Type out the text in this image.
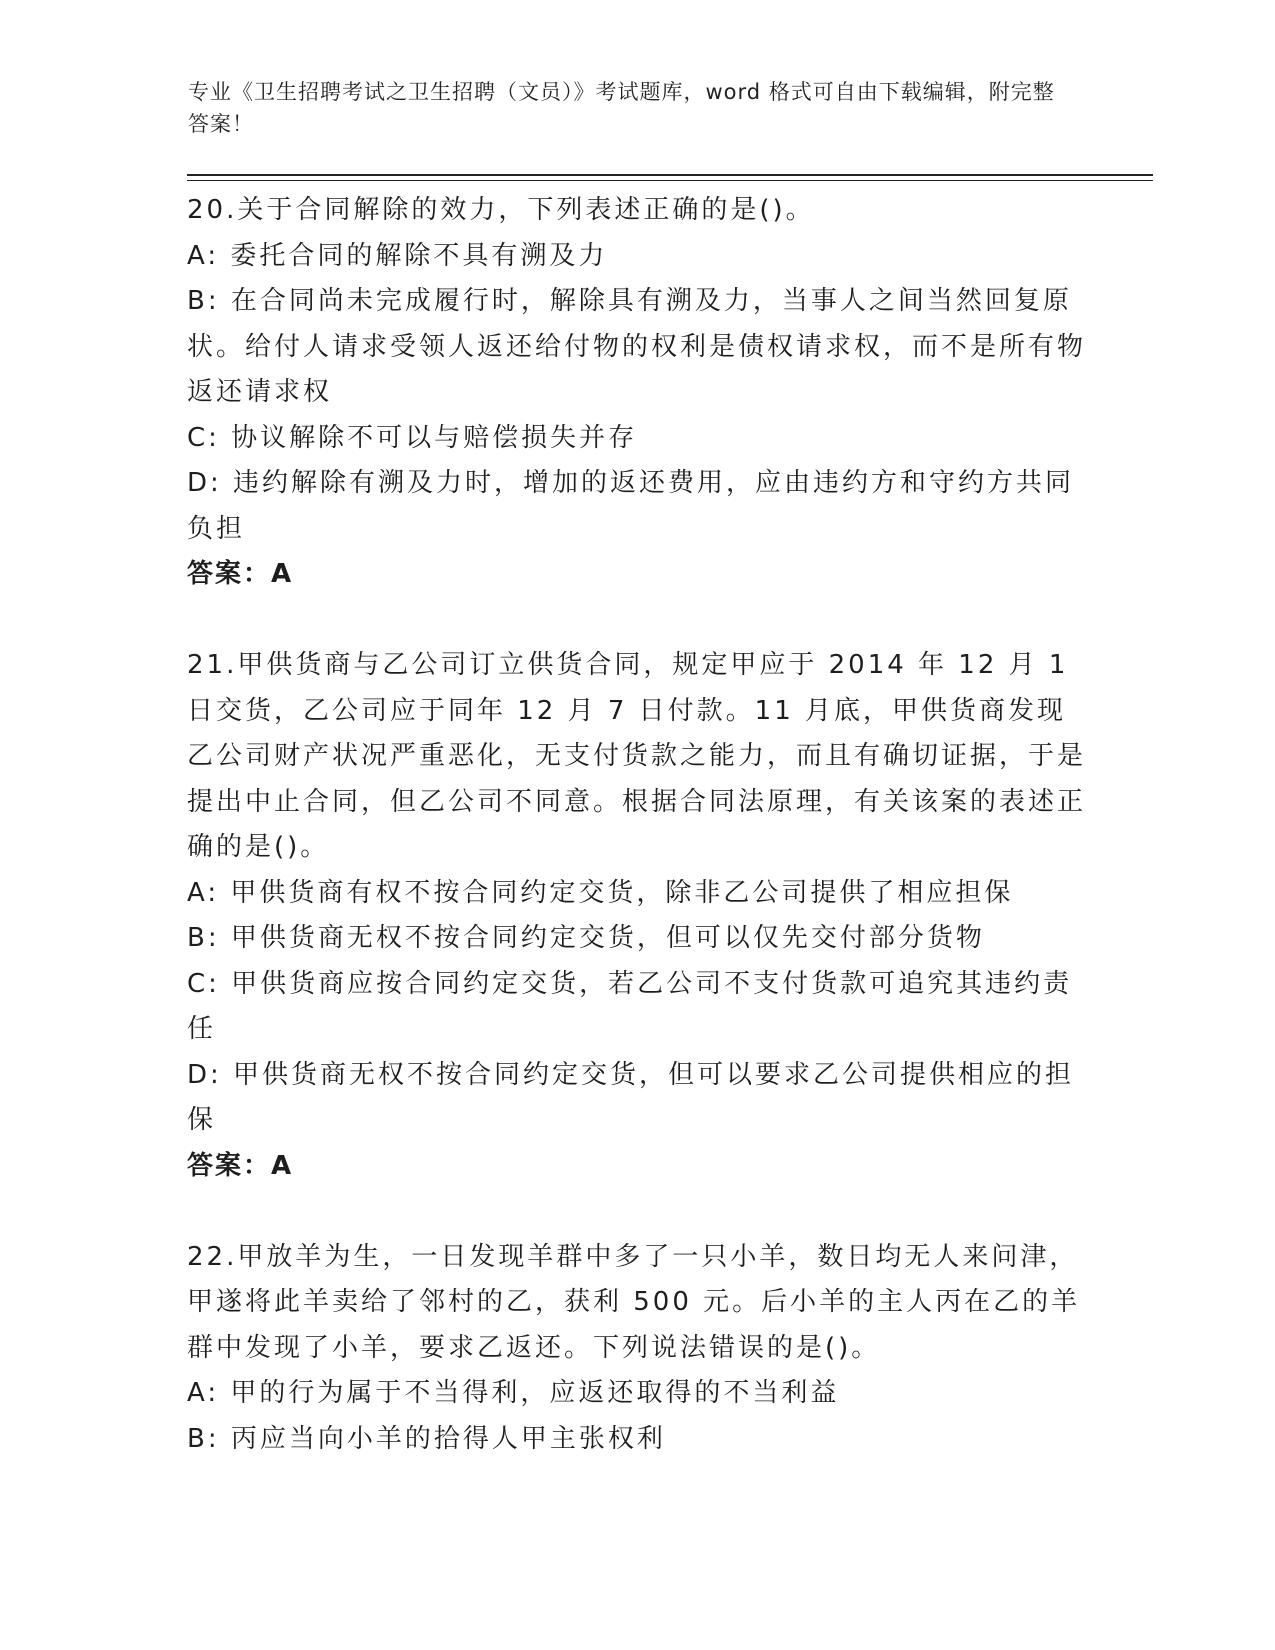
专业《卫生招聘考试之卫生招聘（文员）》考试题库，word 格式可自由下载编辑，附完整答案！

20.关于合同解除的效力，下列表述正确的是()。

A: 委托合同的解除不具有溯及力

B: 在合同尚未完成履行时，解除具有溯及力，当事人之间当然回复原状。给付人请求受领人返还给付物的权利是债权请求权，而不是所有物返还请求权

C: 协议解除不可以与赔偿损失并存

D: 违约解除有溯及力时，增加的返还费用，应由违约方和守约方共同负担

答案：A

21.甲供货商与乙公司订立供货合同，规定甲应于 2014 年 12 月 1 日交货，乙公司应于同年 12 月 7 日付款。11 月底，甲供货商发现乙公司财产状况严重恶化，无支付货款之能力，而且有确切证据，于是提出中止合同，但乙公司不同意。根据合同法原理，有关该案的表述正确的是()。

A: 甲供货商有权不按合同约定交货，除非乙公司提供了相应担保

B: 甲供货商无权不按合同约定交货，但可以仅先交付部分货物

C: 甲供货商应按合同约定交货，若乙公司不支付货款可追究其违约责任

D: 甲供货商无权不按合同约定交货，但可以要求乙公司提供相应的担保

答案：A

22.甲放羊为生，一日发现羊群中多了一只小羊，数日均无人来问津，甲遂将此羊卖给了邻村的乙，获利 500 元。后小羊的主人丙在乙的羊群中发现了小羊，要求乙返还。下列说法错误的是()。

A: 甲的行为属于不当得利，应返还取得的不当利益

B: 丙应当向小羊的拾得人甲主张权利
